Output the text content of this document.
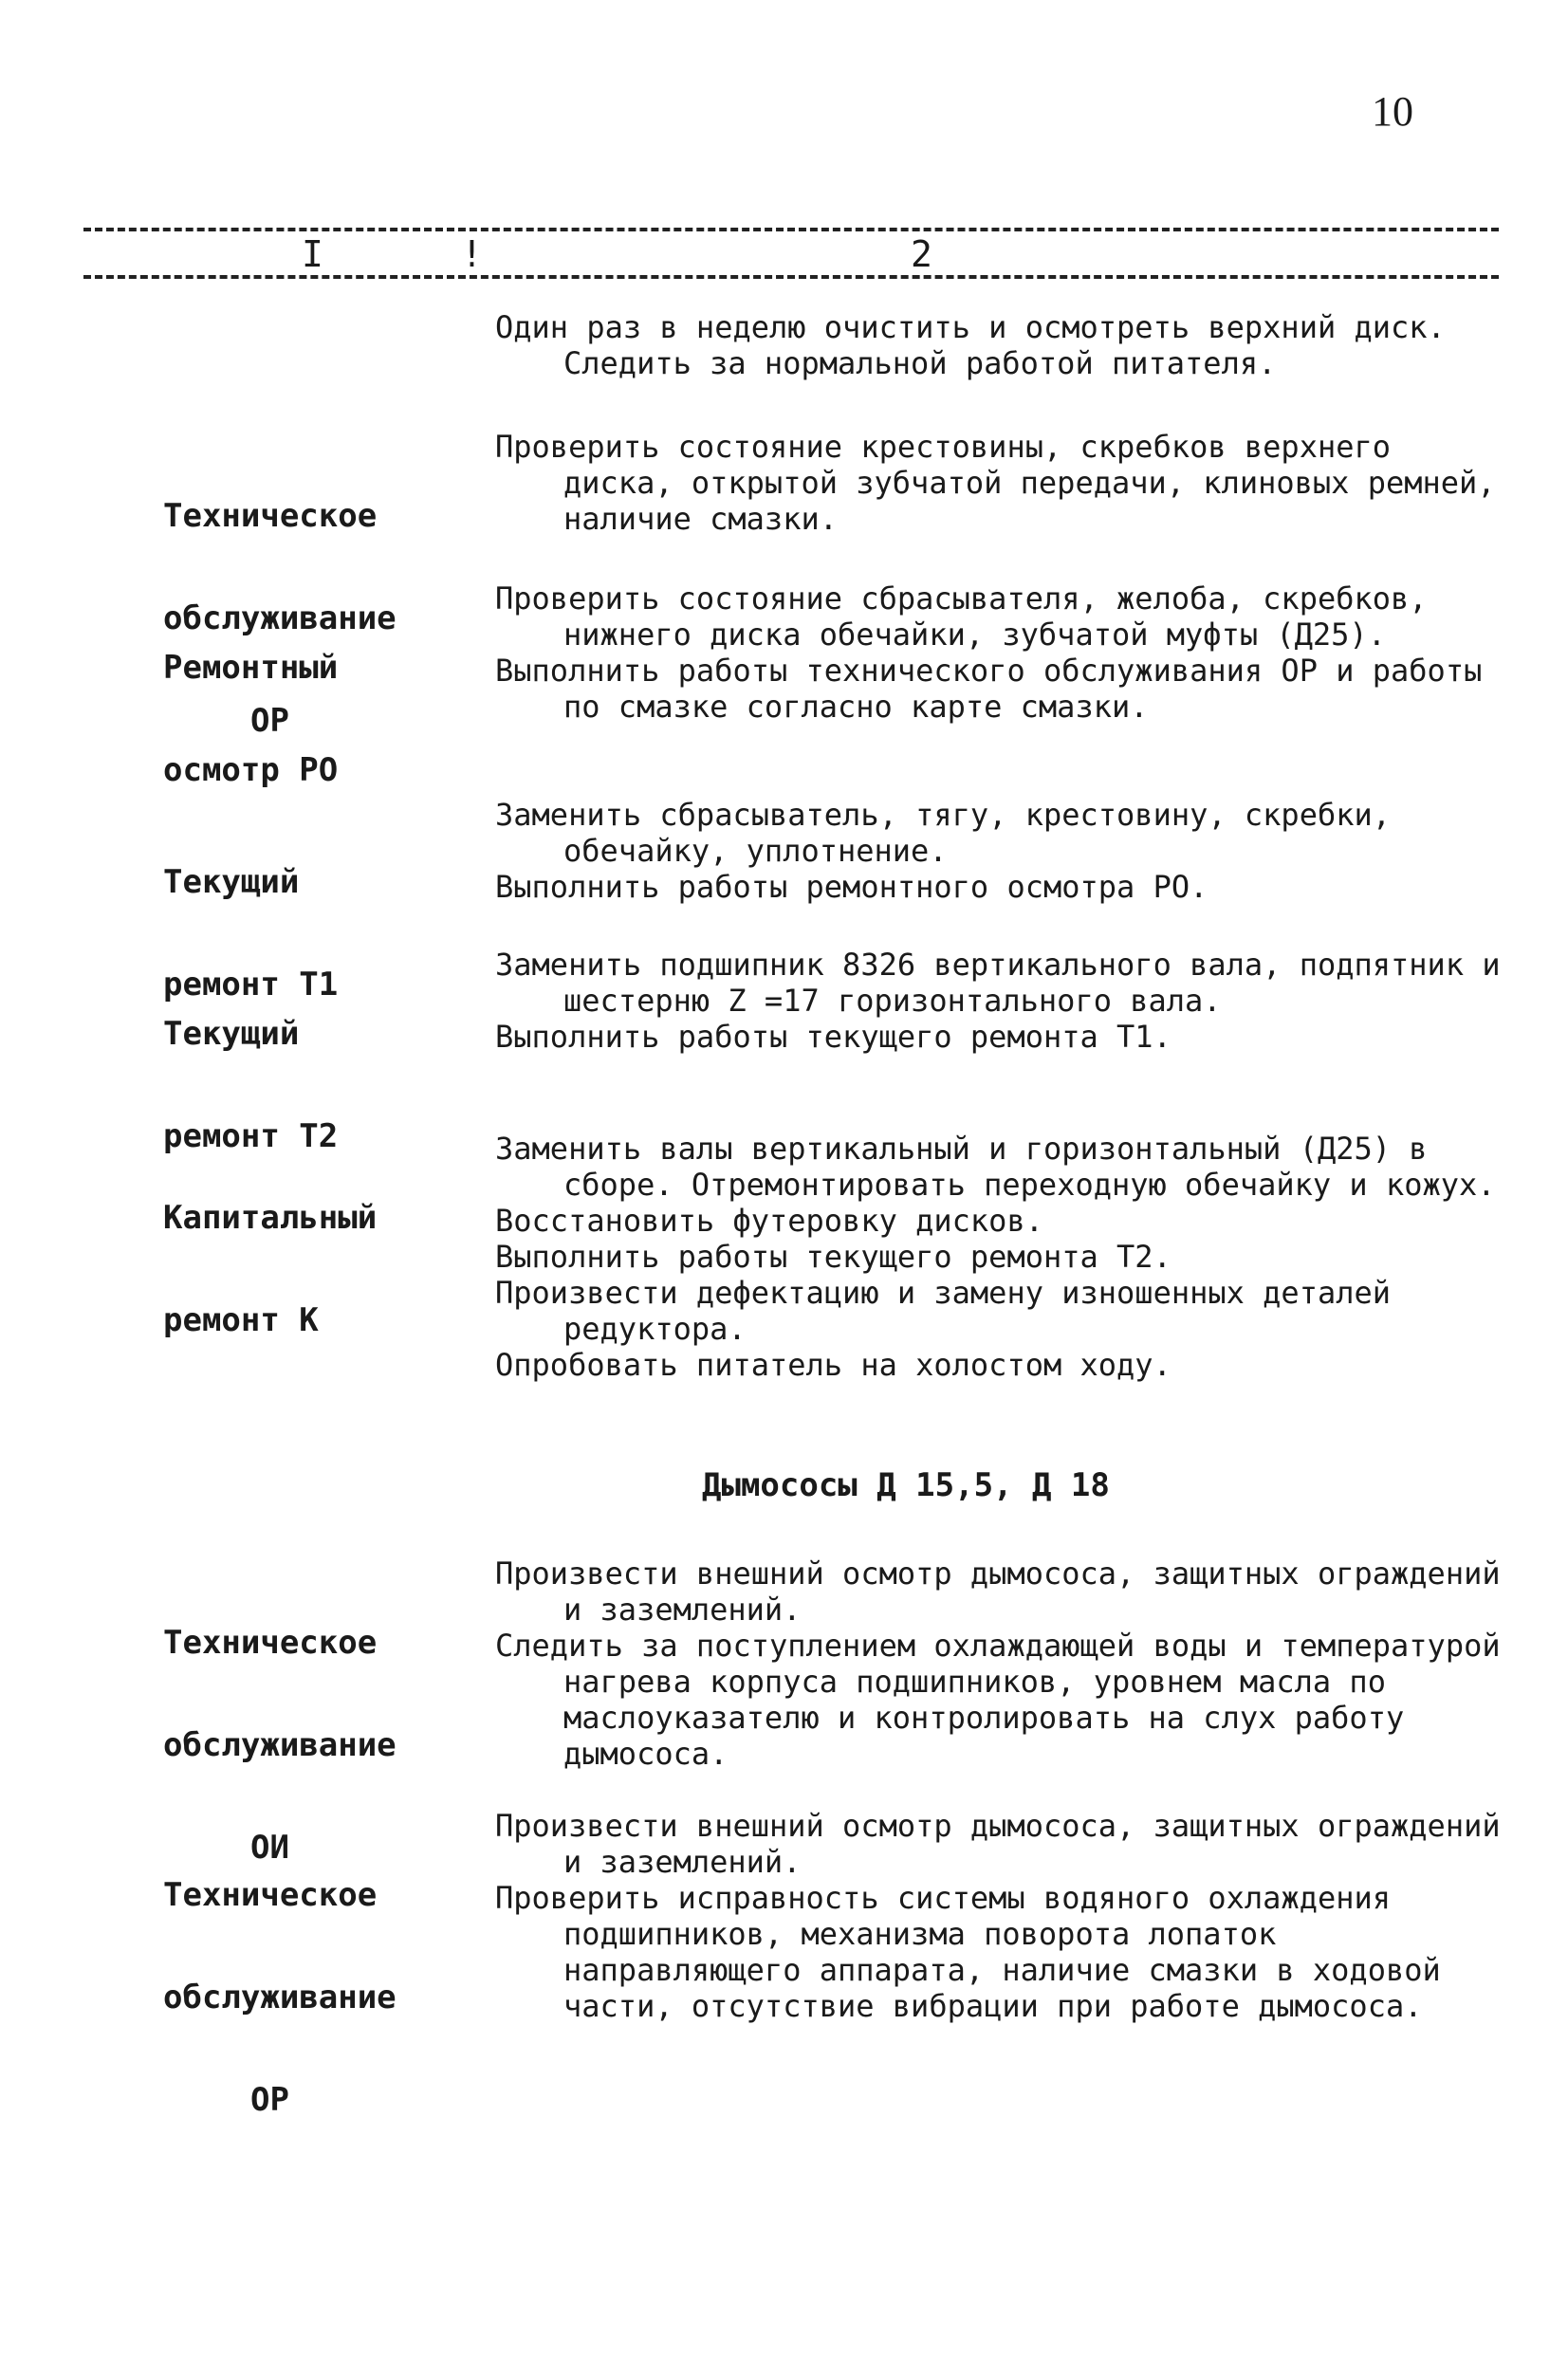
10
I	!	2

Один раз в неделю очистить и осмотреть верхний диск. Следить за нормальной работой питателя.

Техническое

обслуживание

ОР

Проверить состояние крестовины, скребков верхнего диска, открытой зубчатой передачи, клиновых ремней, наличие смазки.

Ремонтный

осмотр РО

Проверить состояние сбрасывателя, желоба, скребков, нижнего диска обечайки, зубчатой муфты (Д25).

Выполнить работы технического обслуживания ОР и работы по смазке согласно карте смазки.

Текущий

ремонт Т1

Заменить сбрасыватель, тягу, крестовину, скребки, обечайку, уплотнение.

Выполнить работы ремонтного осмотра РО.

Текущий

ремонт Т2

Заменить подшипник 8326 вертикального вала, подпятник и шестерню Z =17 горизонтального вала.

Выполнить работы текущего ремонта Т1.

Капитальный

ремонт К

Заменить валы вертикальный и горизонтальный (Д25) в сборе. Отремонтировать переходную обечайку и кожух.

Восстановить футеровку дисков.

Выполнить работы текущего ремонта Т2.

Произвести дефектацию и замену изношенных деталей редуктора.

Опробовать питатель на холостом ходу.

Дымососы Д 15,5, Д 18

Техническое

обслуживание

ОИ

Произвести внешний осмотр дымососа, защитных ограждений и заземлений.

Следить за поступлением охлаждающей воды и температурой нагрева корпуса подшипников, уровнем масла по маслоуказателю и контролировать на слух работу дымососа.

Техническое

обслуживание

ОР

Произвести внешний осмотр дымососа, защитных ограждений и заземлений.

Проверить исправность системы водяного охлаждения подшипников, механизма поворота лопаток направляющего аппарата, наличие смазки в ходовой части, отсутствие вибрации при работе дымососа.
